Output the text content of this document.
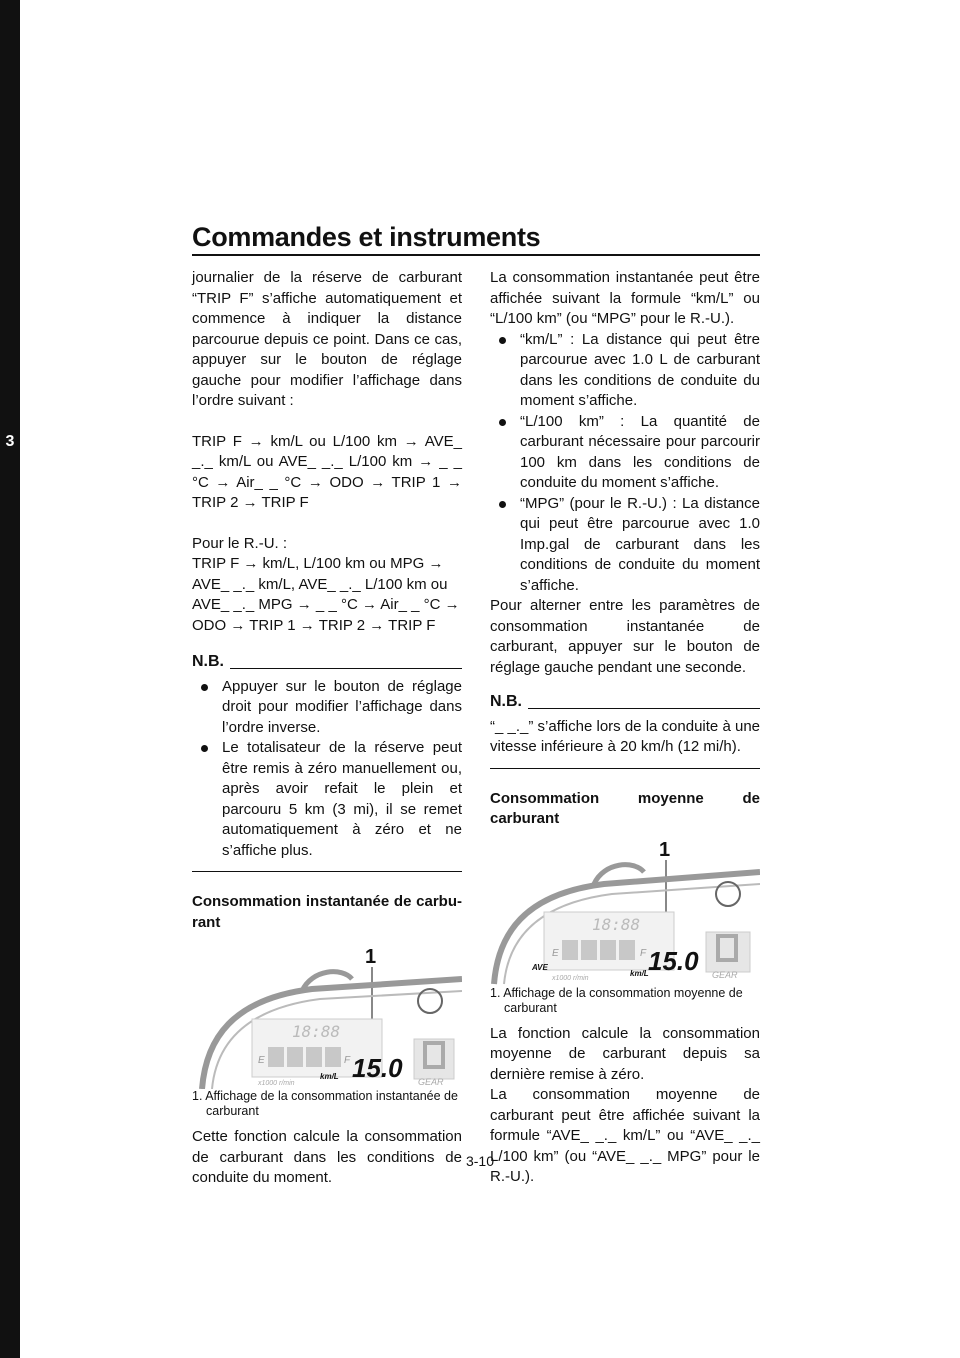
3
Commandes et instruments

journalier de la réserve de carburant “TRIP F” s’affiche automatiquement et commence à indiquer la distance parcourue depuis ce point. Dans ce cas, appuyer sur le bouton de réglage gauche pour modifier l’affichage dans l’ordre suivant :

TRIP F → km/L ou L/100 km → AVE_ _._ km/L ou AVE_ _._ L/100 km → _ _ °C → Air_ _ °C → ODO → TRIP 1 → TRIP 2 → TRIP F

Pour le R.-U. :

TRIP F → km/L, L/100 km ou MPG → AVE_ _._ km/L, AVE_ _._ L/100 km ou AVE_ _._ MPG → _ _ °C → Air_ _ °C → ODO → TRIP 1 → TRIP 2 → TRIP F

N.B.
Appuyer sur le bouton de réglage droit pour modifier l’affichage dans l’ordre inverse.
Le totalisateur de la réserve peut être remis à zéro manuellement ou, après avoir refait le plein et parcouru 5 km (3 mi), il se remet automatiquement à zéro et ne s’affiche plus.

Consommation instantanée de carburant

1
18:88
E	F
x1000 r/min
15.0
km/L
GEAR

1. Affichage de la consommation instantanée de carburant

Cette fonction calcule la consommation de carburant dans les conditions de conduite du moment.

La consommation instantanée peut être affichée suivant la formule “km/L” ou “L/100 km” (ou “MPG” pour le R.-U.).

“km/L” : La distance qui peut être parcourue avec 1.0 L de carburant dans les conditions de conduite du moment s’affiche.
“L/100 km” : La quantité de carburant nécessaire pour parcourir 100 km dans les conditions de conduite du moment s’affiche.
“MPG” (pour le R.-U.) : La distance qui peut être parcourue avec 1.0 Imp.gal de carburant dans les conditions de conduite du moment s’affiche.

Pour alterner entre les paramètres de consommation instantanée de carburant, appuyer sur le bouton de réglage gauche pendant une seconde.

N.B.

“_ _._” s’affiche lors de la conduite à une vitesse inférieure à 20 km/h (12 mi/h).

Consommation moyenne de carburant

1
18:88
E	F
AVE
x1000 r/min
15.0
km/L	GEAR

1. Affichage de la consommation moyenne de carburant

La fonction calcule la consommation moyenne de carburant depuis sa dernière remise à zéro.

La consommation moyenne de carburant peut être affichée suivant la formule “AVE_ _._ km/L” ou “AVE_ _._ L/100 km” (ou “AVE_ _._ MPG” pour le R.-U.).

3-10
